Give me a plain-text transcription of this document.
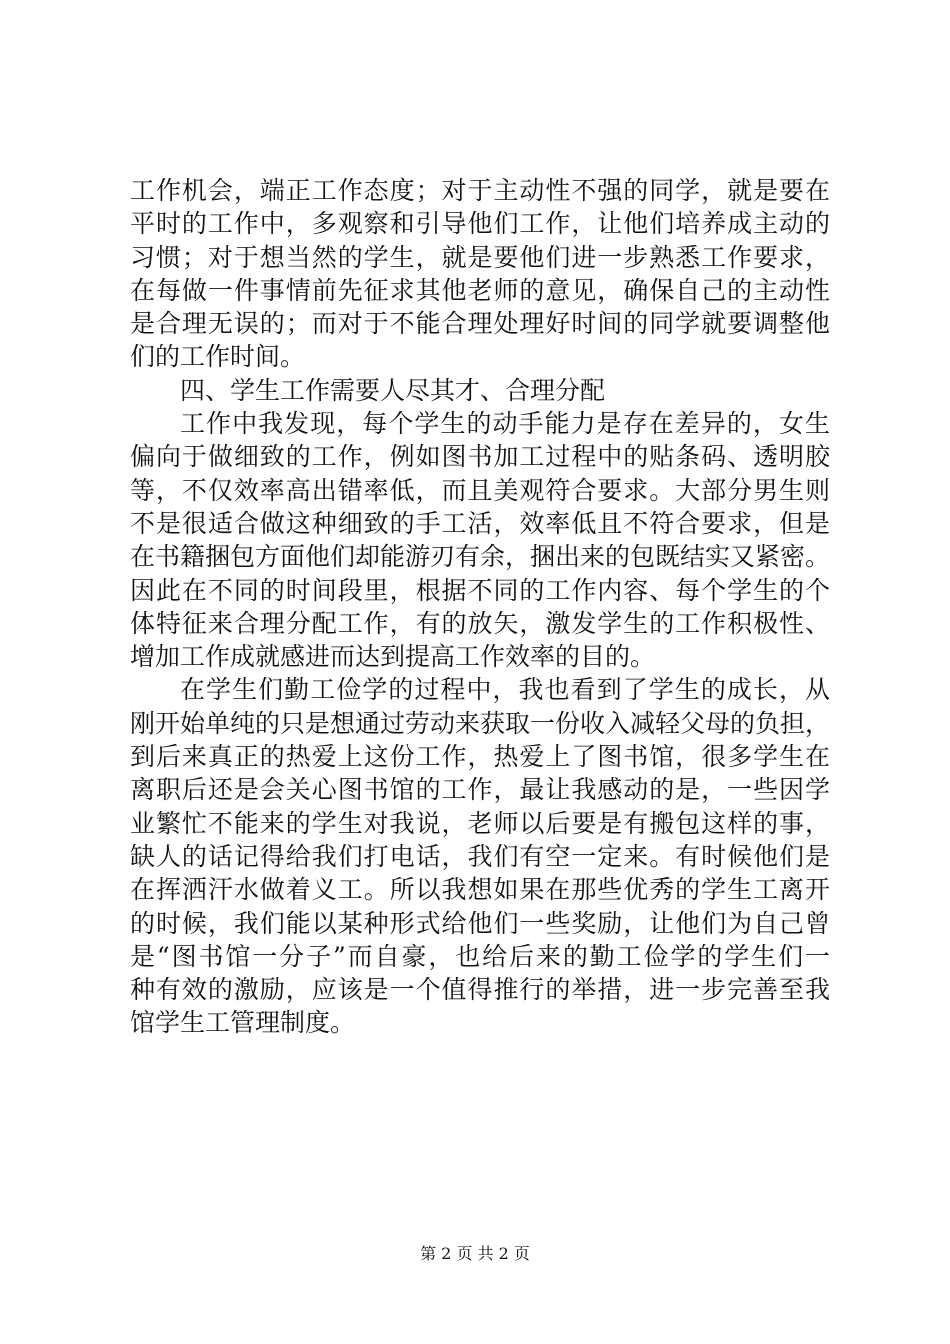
工作机会，端正工作态度；对于主动性不强的同学，就是要在
平时的工作中，多观察和引导他们工作，让他们培养成主动的
习惯；对于想当然的学生，就是要他们进一步熟悉工作要求，
在每做一件事情前先征求其他老师的意见，确保自己的主动性
是合理无误的；而对于不能合理处理好时间的同学就要调整他
们的工作时间。
四、学生工作需要人尽其才、合理分配
工作中我发现，每个学生的动手能力是存在差异的，女生
偏向于做细致的工作，例如图书加工过程中的贴条码、透明胶
等，不仅效率高出错率低，而且美观符合要求。大部分男生则
不是很适合做这种细致的手工活，效率低且不符合要求，但是
在书籍捆包方面他们却能游刃有余，捆出来的包既结实又紧密。
因此在不同的时间段里，根据不同的工作内容、每个学生的个
体特征来合理分配工作，有的放矢，激发学生的工作积极性、
增加工作成就感进而达到提高工作效率的目的。
在学生们勤工俭学的过程中，我也看到了学生的成长，从
刚开始单纯的只是想通过劳动来获取一份收入减轻父母的负担，
到后来真正的热爱上这份工作，热爱上了图书馆，很多学生在
离职后还是会关心图书馆的工作，最让我感动的是，一些因学
业繁忙不能来的学生对我说，老师以后要是有搬包这样的事，
缺人的话记得给我们打电话，我们有空一定来。有时候他们是
在挥洒汗水做着义工。所以我想如果在那些优秀的学生工离开
的时候，我们能以某种形式给他们一些奖励，让他们为自己曾
是“图书馆一分子”而自豪，也给后来的勤工俭学的学生们一
种有效的激励，应该是一个值得推行的举措，进一步完善至我
馆学生工管理制度。
第 2 页 共 2 页
